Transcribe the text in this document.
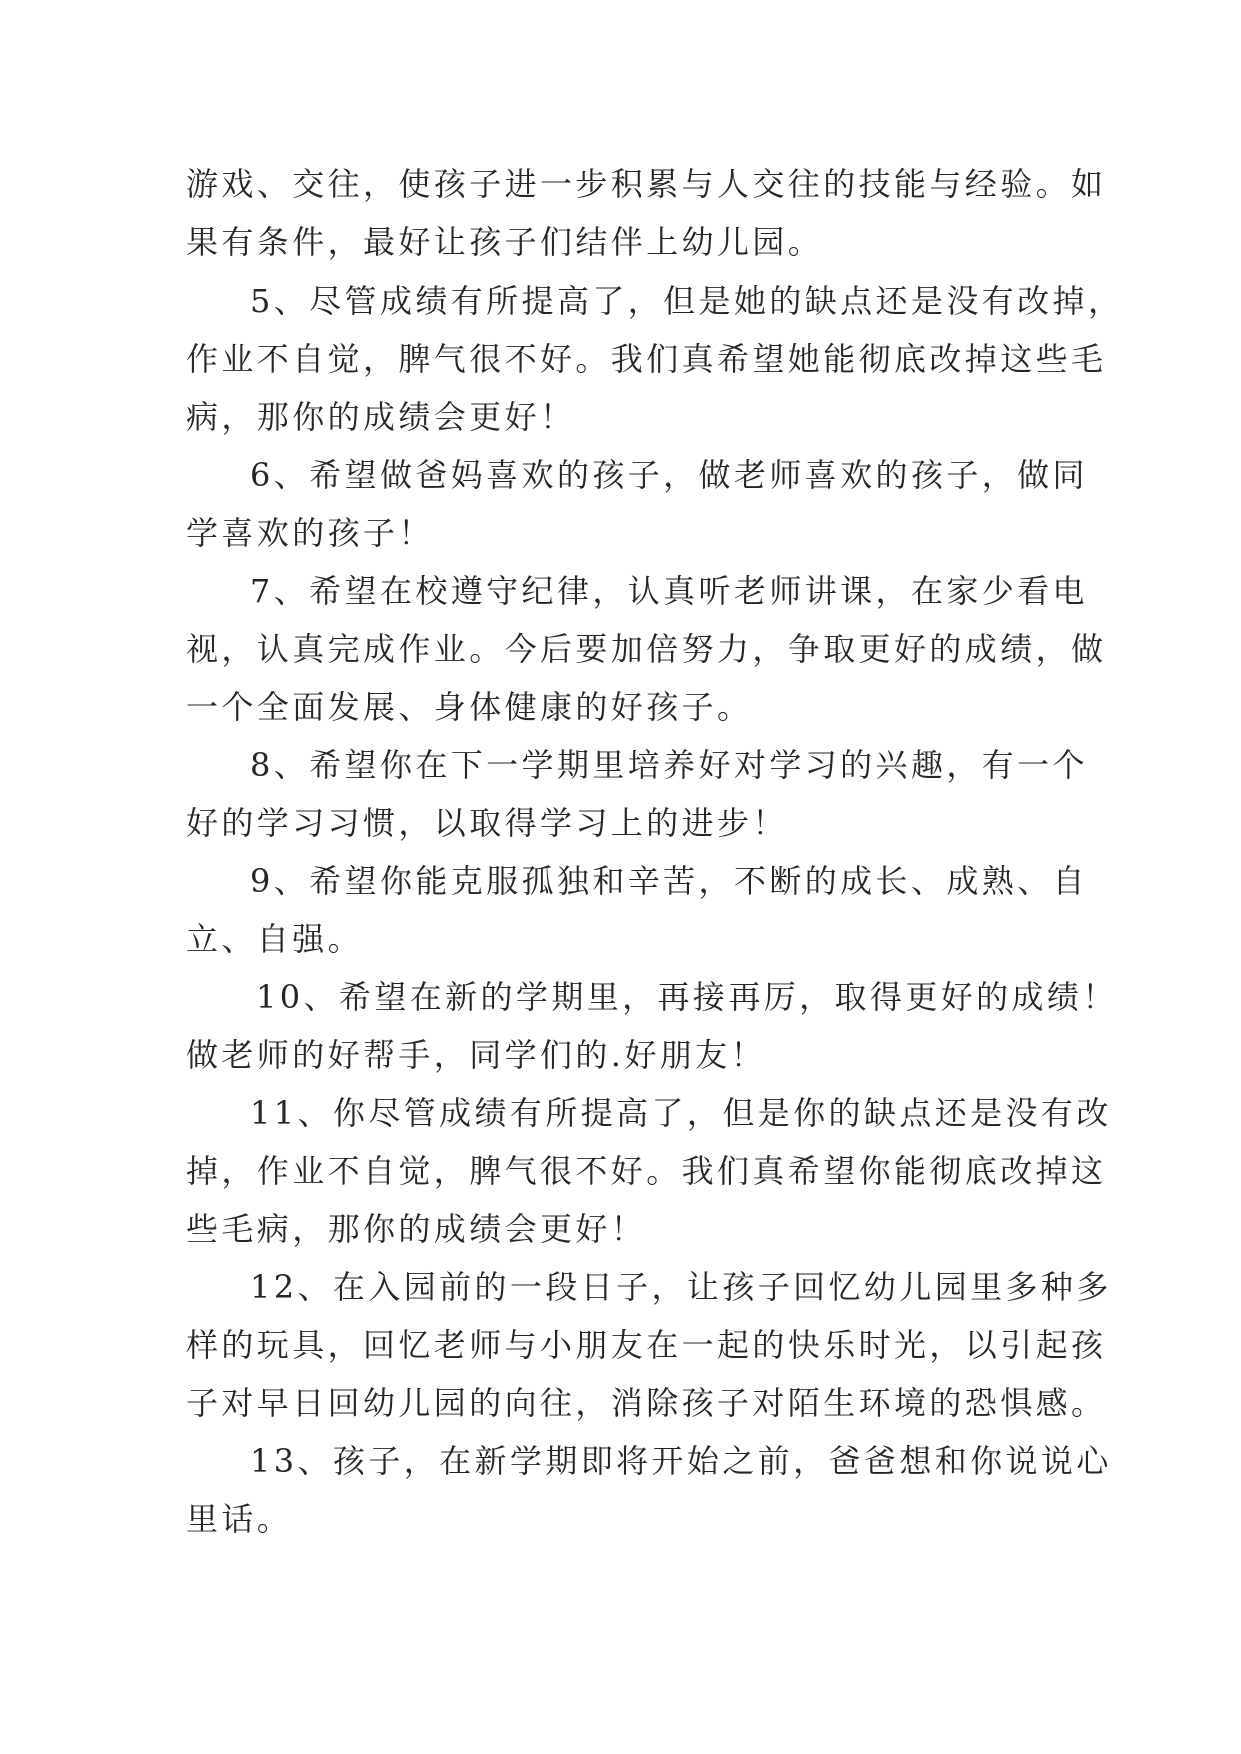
游戏、交往，使孩子进一步积累与人交往的技能与经验。如
果有条件，最好让孩子们结伴上幼儿园。
5、尽管成绩有所提高了，但是她的缺点还是没有改掉，
作业不自觉，脾气很不好。我们真希望她能彻底改掉这些毛
病，那你的成绩会更好！
6、希望做爸妈喜欢的孩子，做老师喜欢的孩子，做同
学喜欢的孩子！
7、希望在校遵守纪律，认真听老师讲课，在家少看电
视，认真完成作业。今后要加倍努力，争取更好的成绩，做
一个全面发展、身体健康的好孩子。
8、希望你在下一学期里培养好对学习的兴趣，有一个
好的学习习惯，以取得学习上的进步！
9、希望你能克服孤独和辛苦，不断的成长、成熟、自
立、自强。
10、希望在新的学期里，再接再厉，取得更好的成绩！
做老师的好帮手，同学们的.好朋友！
11、你尽管成绩有所提高了，但是你的缺点还是没有改
掉，作业不自觉，脾气很不好。我们真希望你能彻底改掉这
些毛病，那你的成绩会更好！
12、在入园前的一段日子，让孩子回忆幼儿园里多种多
样的玩具，回忆老师与小朋友在一起的快乐时光，以引起孩
子对早日回幼儿园的向往，消除孩子对陌生环境的恐惧感。
13、孩子，在新学期即将开始之前，爸爸想和你说说心
里话。
